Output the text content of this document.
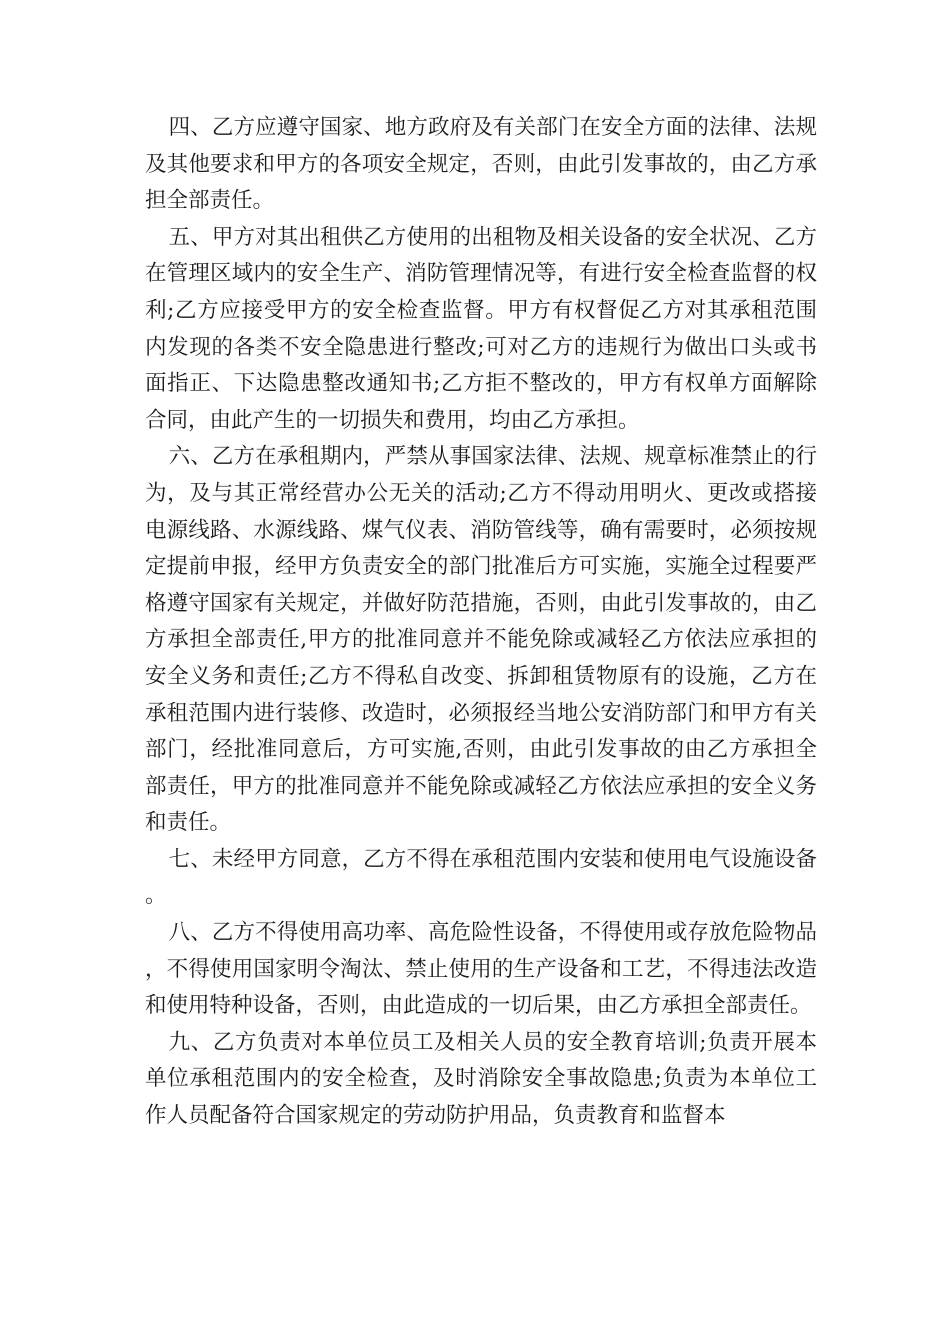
四、乙方应遵守国家、地方政府及有关部门在安全方面的法律、法规及其他要求和甲方的各项安全规定，否则，由此引发事故的，由乙方承担全部责任。

五、甲方对其出租供乙方使用的出租物及相关设备的安全状况、乙方在管理区域内的安全生产、消防管理情况等，有进行安全检查监督的权利;乙方应接受甲方的安全检查监督。甲方有权督促乙方对其承租范围内发现的各类不安全隐患进行整改;可对乙方的违规行为做出口头或书面指正、下达隐患整改通知书;乙方拒不整改的，甲方有权单方面解除合同，由此产生的一切损失和费用，均由乙方承担。

六、乙方在承租期内，严禁从事国家法律、法规、规章标准禁止的行为，及与其正常经营办公无关的活动;乙方不得动用明火、更改或搭接电源线路、水源线路、煤气仪表、消防管线等，确有需要时，必须按规定提前申报，经甲方负责安全的部门批准后方可实施，实施全过程要严格遵守国家有关规定，并做好防范措施，否则，由此引发事故的，由乙方承担全部责任,甲方的批准同意并不能免除或减轻乙方依法应承担的安全义务和责任;乙方不得私自改变、拆卸租赁物原有的设施，乙方在承租范围内进行装修、改造时，必须报经当地公安消防部门和甲方有关部门，经批准同意后，方可实施,否则，由此引发事故的由乙方承担全部责任，甲方的批准同意并不能免除或减轻乙方依法应承担的安全义务和责任。

七、未经甲方同意，乙方不得在承租范围内安装和使用电气设施设备。

八、乙方不得使用高功率、高危险性设备，不得使用或存放危险物品，不得使用国家明令淘汰、禁止使用的生产设备和工艺，不得违法改造和使用特种设备，否则，由此造成的一切后果，由乙方承担全部责任。

九、乙方负责对本单位员工及相关人员的安全教育培训;负责开展本单位承租范围内的安全检查，及时消除安全事故隐患;负责为本单位工作人员配备符合国家规定的劳动防护用品，负责教育和监督本
